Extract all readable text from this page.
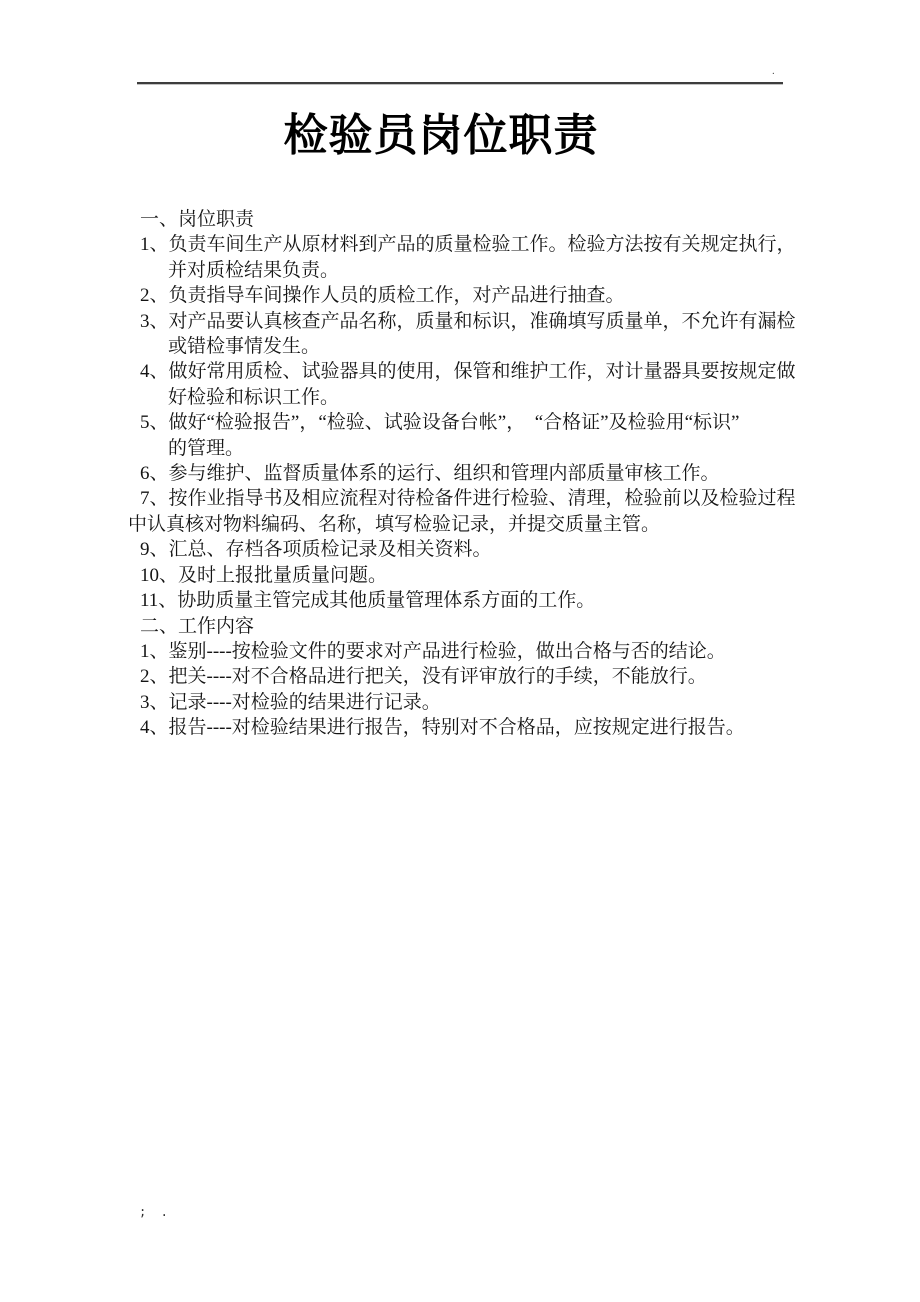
.
检验员岗位职责
一、岗位职责
1、负责车间生产从原材料到产品的质量检验工作。检验方法按有关规定执行，
并对质检结果负责。
2、负责指导车间操作人员的质检工作，对产品进行抽查。
3、对产品要认真核查产品名称，质量和标识，准确填写质量单，不允许有漏检
或错检事情发生。
4、做好常用质检、试验器具的使用，保管和维护工作，对计量器具要按规定做
好检验和标识工作。
5、做好“检验报告”，“检验、试验设备台帐”，　“合格证”及检验用“标识”
的管理。
6、参与维护、监督质量体系的运行、组织和管理内部质量审核工作。
7、按作业指导书及相应流程对待检备件进行检验、清理，检验前以及检验过程
中认真核对物料编码、名称，填写检验记录，并提交质量主管。
9、汇总、存档各项质检记录及相关资料。
10、及时上报批量质量问题。
11、协助质量主管完成其他质量管理体系方面的工作。
二、工作内容
1、鉴别----按检验文件的要求对产品进行检验，做出合格与否的结论。
2、把关----对不合格品进行把关，没有评审放行的手续，不能放行。
3、记录----对检验的结果进行记录。
4、报告----对检验结果进行报告，特别对不合格品，应按规定进行报告。
;  .
